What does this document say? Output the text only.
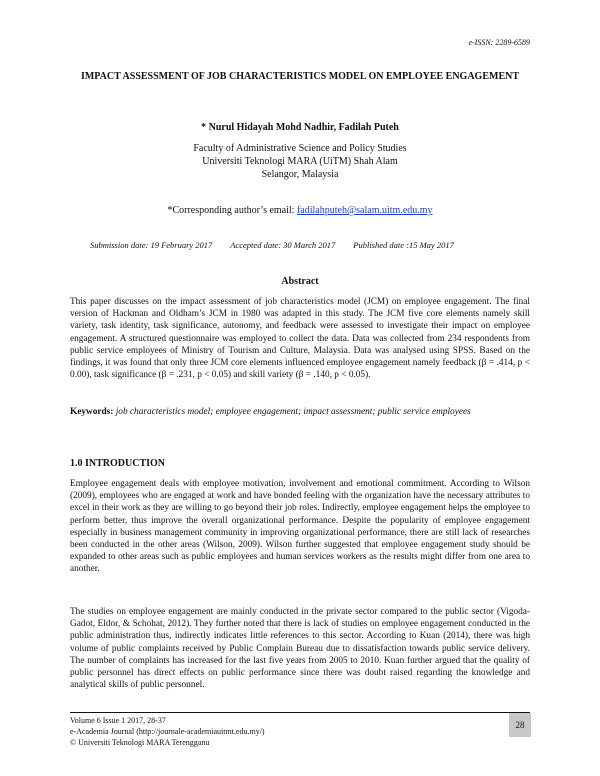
e-ISSN: 2289-6589
IMPACT ASSESSMENT OF JOB CHARACTERISTICS MODEL ON EMPLOYEE ENGAGEMENT
* Nurul Hidayah Mohd Nadhir, Fadilah Puteh
Faculty of Administrative Science and Policy Studies
Universiti Teknologi MARA (UiTM) Shah Alam
Selangor, Malaysia
*Corresponding author’s email: fadilahputeh@salam.uitm.edu.my
Submission date: 19 February 2017 Accepted date: 30 March 2017 Published date :15 May 2017
Abstract
This paper discusses on the impact assessment of job characteristics model (JCM) on employee engagement. The final version of Hackman and Oldham’s JCM in 1980 was adapted in this study. The JCM five core elements namely skill variety, task identity, task significance, autonomy, and feedback were assessed to investigate their impact on employee engagement. A structured questionnaire was employed to collect the data. Data was collected from 234 respondents from public service employees of Ministry of Tourism and Culture, Malaysia. Data was analysed using SPSS. Based on the findings, it was found that only three JCM core elements influenced employee engagement namely feedback (β = .414, p < 0.00), task significance (β = .231, p < 0.05) and skill variety (β = .140, p < 0.05).
Keywords: job characteristics model; employee engagement; impact assessment; public service employees
1.0 INTRODUCTION
Employee engagement deals with employee motivation, involvement and emotional commitment. According to Wilson (2009), employees who are engaged at work and have bonded feeling with the organization have the necessary attributes to excel in their work as they are willing to go beyond their job roles. Indirectly, employee engagement helps the employee to perform better, thus improve the overall organizational performance. Despite the popularity of employee engagement especially in business management community in improving organizational performance, there are still lack of researches been conducted in the other areas (Wilson, 2009). Wilson further suggested that employee engagement study should be expanded to other areas such as public employees and human services workers as the results might differ from one area to another.
The studies on employee engagement are mainly conducted in the private sector compared to the public sector (Vigoda-Gadot, Eldor, & Schohat, 2012). They further noted that there is lack of studies on employee engagement conducted in the public administration thus, indirectly indicates little references to this sector. According to Kuan (2014), there was high volume of public complaints received by Public Complain Bureau due to dissatisfaction towards public service delivery. The number of complaints has increased for the last five years from 2005 to 2010. Kuan further argued that the quality of public personnel has direct effects on public performance since there was doubt raised regarding the knowledge and analytical skills of public personnel.
Volume 6 Issue 1 2017, 28-37
e-Academia Journal (http://journale-academiauitmt.edu.my/)
© Universiti Teknologi MARA Terengganu
28
